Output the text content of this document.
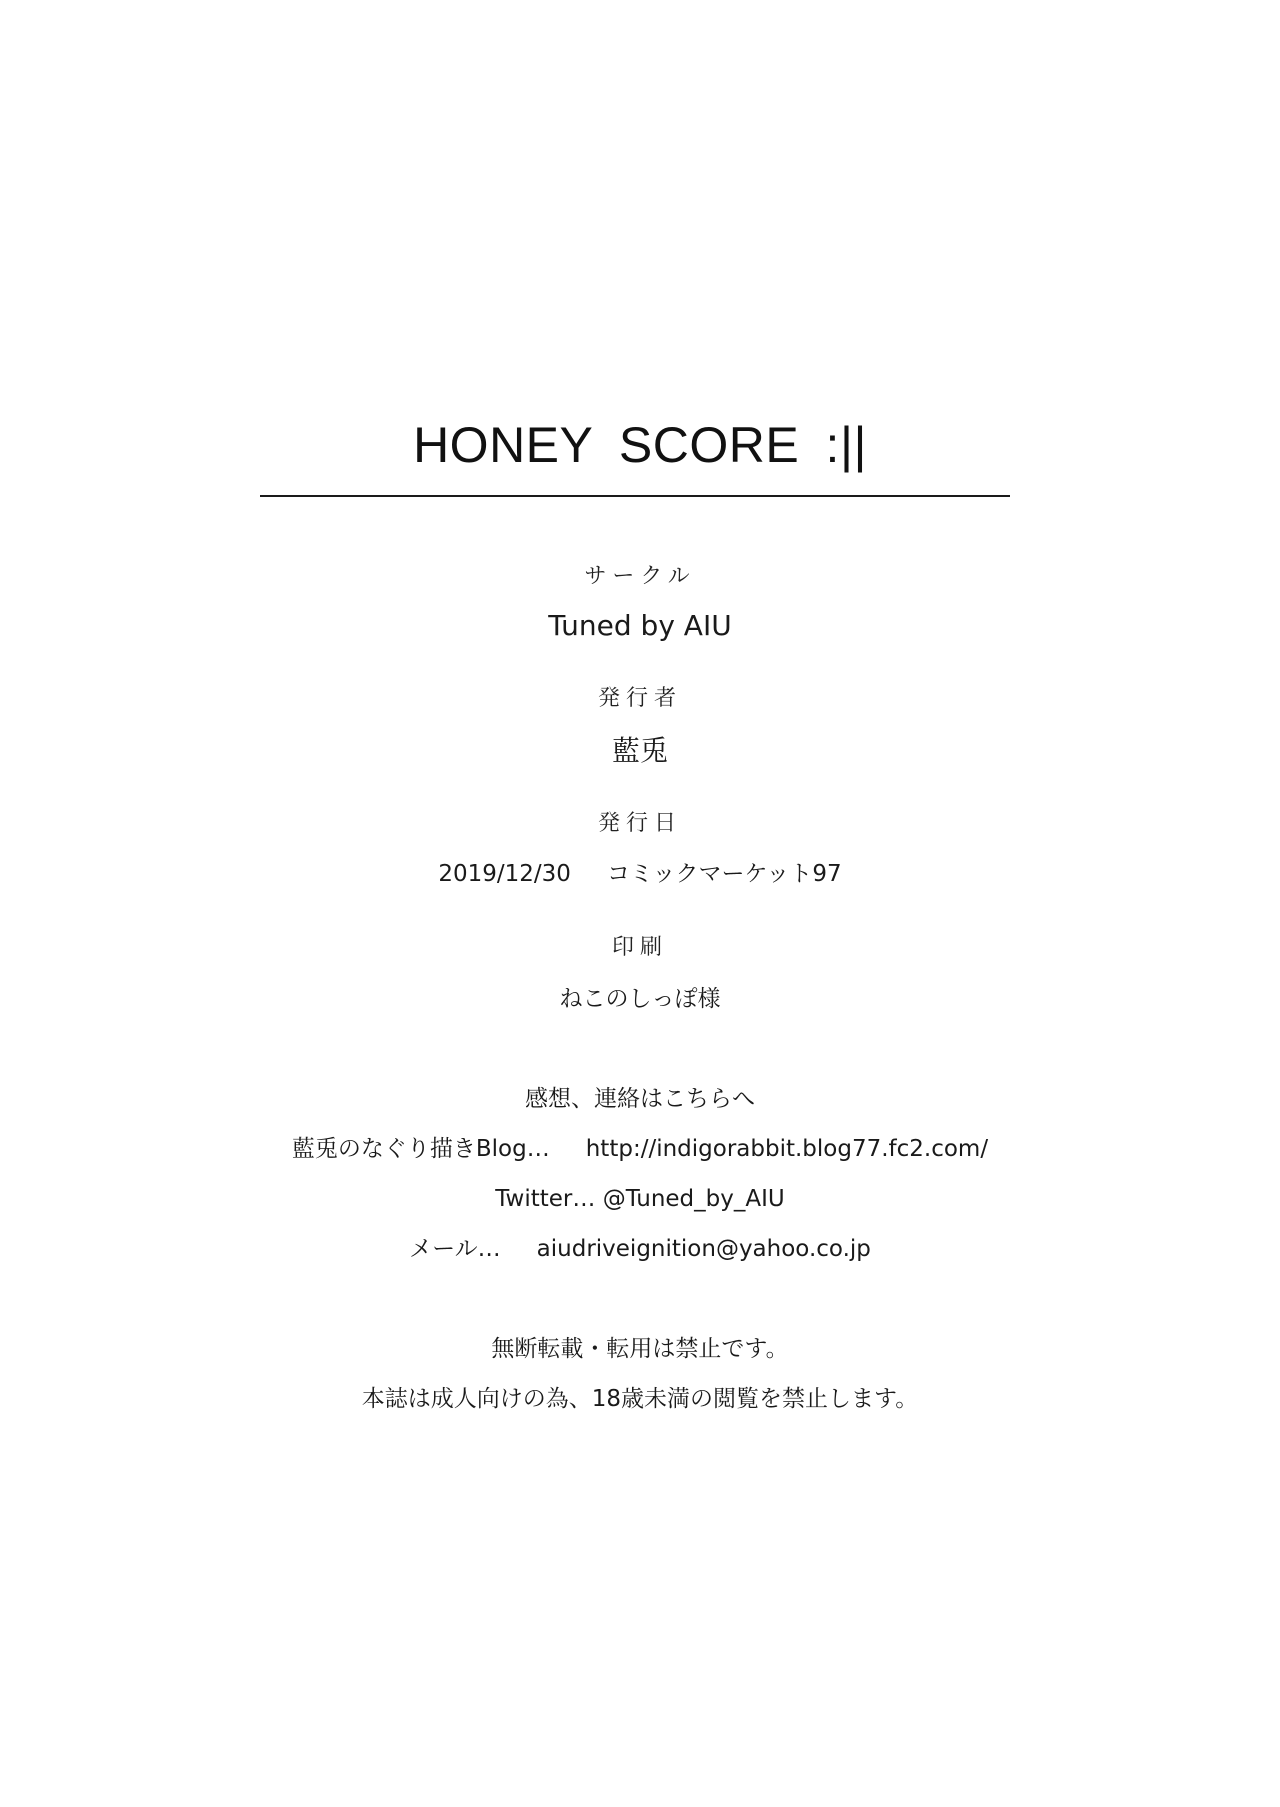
HONEY SCORE :||
サークル
Tuned by AIU
発行者
藍兎
発行日
2019/12/30 コミックマーケット97
印刷
ねこのしっぽ様
感想、連絡はこちらへ
藍兎のなぐり描きBlog… http://indigorabbit.blog77.fc2.com/
Twitter… @Tuned_by_AIU
メール… aiudriveignition@yahoo.co.jp
無断転載・転用は禁止です。
本誌は成人向けの為、18歳未満の閲覧を禁止します。
